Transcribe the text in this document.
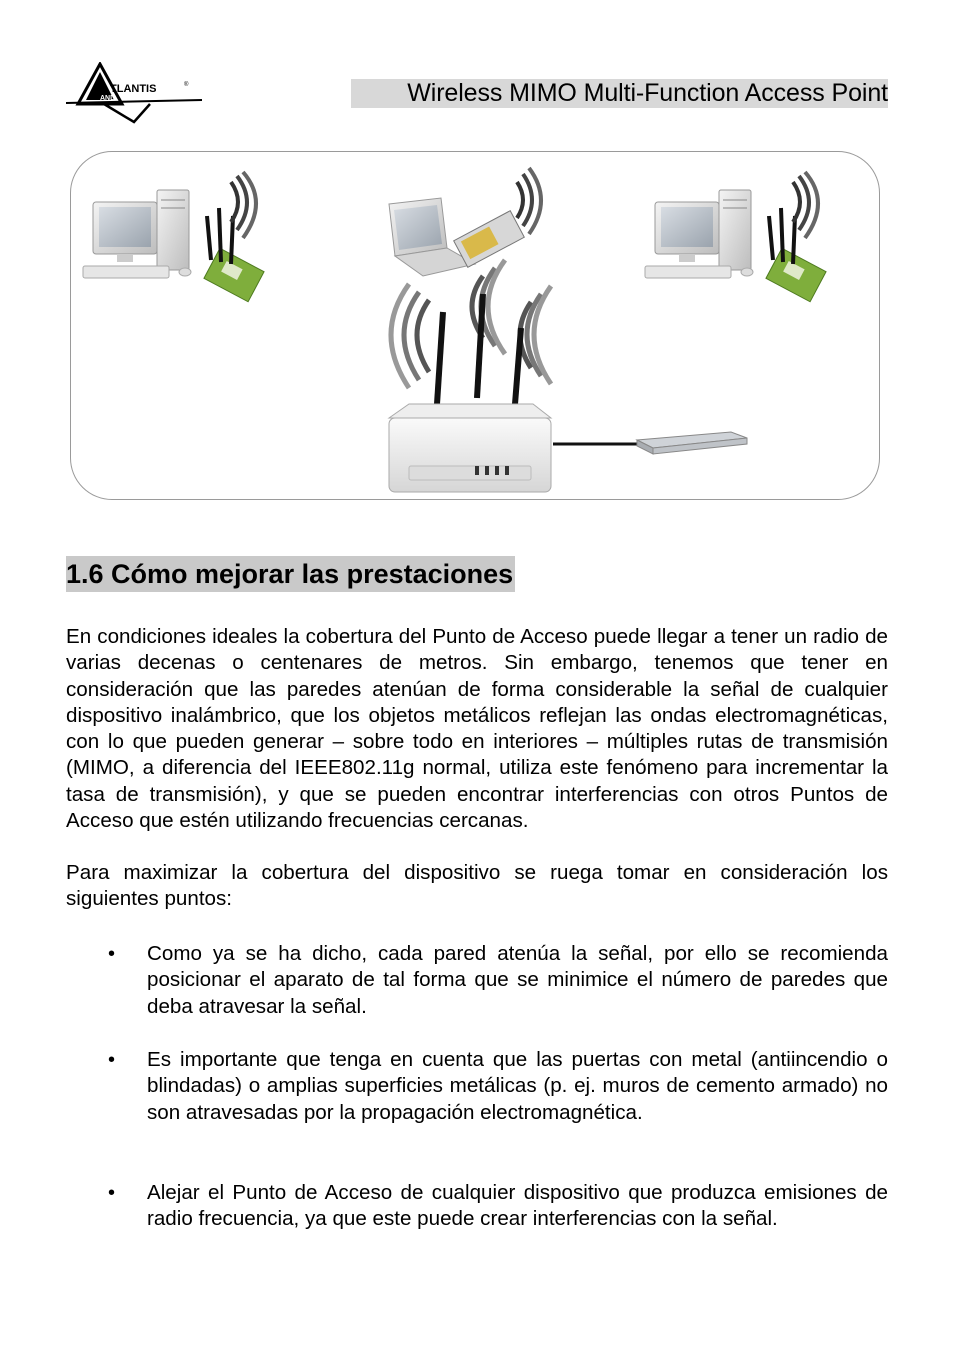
TLANTIS	®
AND	Wireless MIMO Multi-Function Access Point
1.6 Cómo mejorar las prestaciones

En condiciones ideales la cobertura del Punto de Acceso puede llegar a tener un radio de varias decenas o centenares de metros. Sin embargo, tenemos que tener en consideración que las paredes atenúan de forma considerable la señal de cualquier dispositivo inalámbrico, que los objetos metálicos reflejan las ondas electromagnéticas, con lo que pueden generar – sobre todo en interiores – múltiples rutas de transmisión (MIMO, a diferencia del IEEE802.11g normal, utiliza este fenómeno para incrementar la tasa de transmisión), y que se pueden encontrar interferencias con otros Puntos de Acceso que estén utilizando frecuencias cercanas.

Para maximizar la cobertura del dispositivo se ruega tomar en consideración los siguientes puntos:

• Como ya se ha dicho, cada pared atenúa la señal, por ello se recomienda posicionar el aparato de tal forma que se minimice el número de paredes que deba atravesar la señal.
• Es importante que tenga en cuenta que las puertas con metal (antiincendio o blindadas) o amplias superficies metálicas (p. ej. muros de cemento armado) no son atravesadas por la propagación electromagnética.
• Alejar el Punto de Acceso de cualquier dispositivo que produzca emisiones de radio frecuencia, ya que este puede crear interferencias con la señal.
